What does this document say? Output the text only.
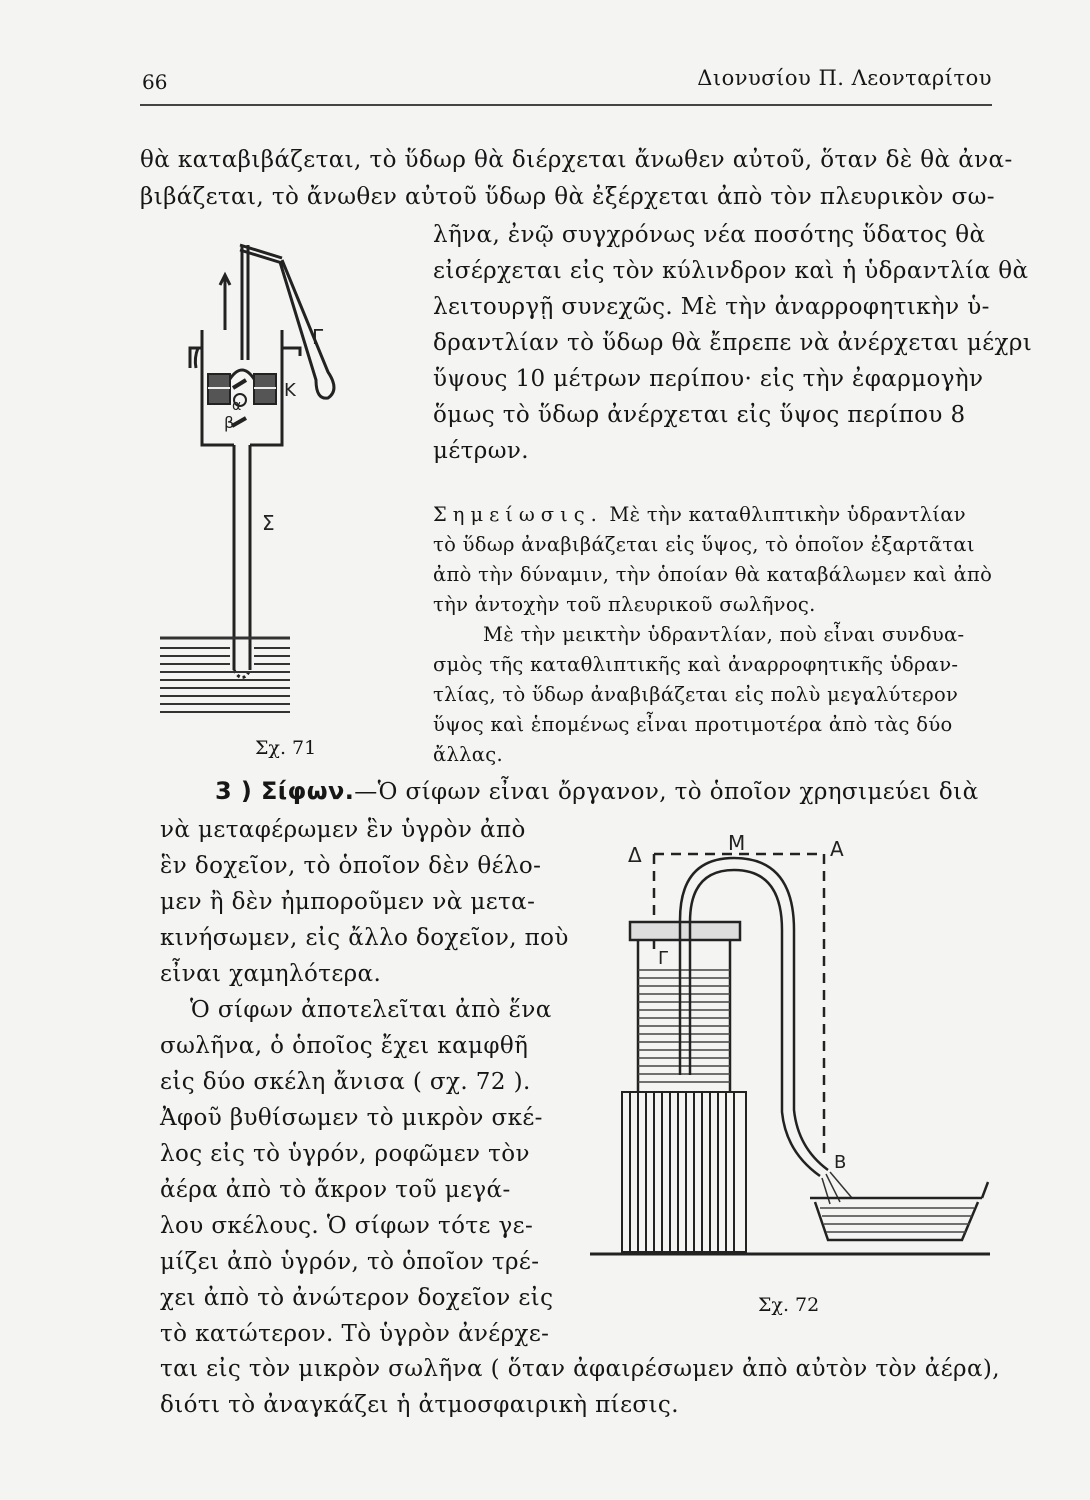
66	Διονυσίου Π. Λεονταρίτου
θὰ καταβιβάζεται, τὸ ὕδωρ θὰ διέρχεται ἄνωθεν αὐτοῦ, ὅταν δὲ θὰ ἀνα-
βιβάζεται, τὸ ἄνωθεν αὐτοῦ ὕδωρ θὰ ἐξέρχεται ἀπὸ τὸν πλευρικὸν σω-
λῆνα, ἐνῷ συγχρόνως νέα ποσότης ὕδατος θὰ
εἰσέρχεται εἰς τὸν κύλινδρον καὶ ἡ ὑδραντλία θὰ
λειτουργῇ συνεχῶς. Μὲ τὴν ἀναρροφητικὴν ὑ-
δραντλίαν τὸ ὕδωρ θὰ ἔπρεπε νὰ ἀνέρχεται μέχρι
ὕψους 10 μέτρων περίπου· εἰς τὴν ἐφαρμογὴν
ὅμως τὸ ὕδωρ ἀνέρχεται εἰς ὕψος περίπου 8
μέτρων.
Σημείωσις. Μὲ τὴν καταθλιπτικὴν ὑδραντλίαν
τὸ ὕδωρ ἀναβιβάζεται εἰς ὕψος, τὸ ὁποῖον ἐξαρτᾶται
ἀπὸ τὴν δύναμιν, τὴν ὁποίαν θὰ καταβάλωμεν καὶ ἀπὸ
τὴν ἀντοχὴν τοῦ πλευρικοῦ σωλῆνος.
Μὲ τὴν μεικτὴν ὑδραντλίαν, ποὺ εἶναι συνδυα-
σμὸς τῆς καταθλιπτικῆς καὶ ἀναρροφητικῆς ὑδραν-
τλίας, τὸ ὕδωρ ἀναβιβάζεται εἰς πολὺ μεγαλύτερον
ὕψος καὶ ἑπομένως εἶναι προτιμοτέρα ἀπὸ τὰς δύο
ἄλλας.
Γ
Κ
α
β
Σ
Σχ. 71
3 ) Σίφων.—Ὁ σίφων εἶναι ὄργανον, τὸ ὁποῖον χρησιμεύει διὰ
νὰ μεταφέρωμεν ἓν ὑγρὸν ἀπὸ
ἓν δοχεῖον, τὸ ὁποῖον δὲν θέλο-
μεν ἢ δὲν ἠμποροῦμεν νὰ μετα-
κινήσωμεν, εἰς ἄλλο δοχεῖον, ποὺ
εἶναι χαμηλότερα.
Ὁ σίφων ἀποτελεῖται ἀπὸ ἕνα
σωλῆνα, ὁ ὁποῖος ἔχει καμφθῆ
εἰς δύο σκέλη ἄνισα ( σχ. 72 ).
Ἀφοῦ βυθίσωμεν τὸ μικρὸν σκέ-
λος εἰς τὸ ὑγρόν, ροφῶμεν τὸν
ἀέρα ἀπὸ τὸ ἄκρον τοῦ μεγά-
λου σκέλους. Ὁ σίφων τότε γε-
μίζει ἀπὸ ὑγρόν, τὸ ὁποῖον τρέ-
χει ἀπὸ τὸ ἀνώτερον δοχεῖον εἰς
τὸ κατώτερον. Τὸ ὑγρὸν ἀνέρχε-
Δ	Μ	Α
Γ
Β
Σχ. 72
ται εἰς τὸν μικρὸν σωλῆνα ( ὅταν ἀφαιρέσωμεν ἀπὸ αὐτὸν τὸν ἀέρα),
διότι τὸ ἀναγκάζει ἡ ἀτμοσφαιρικὴ πίεσις.
